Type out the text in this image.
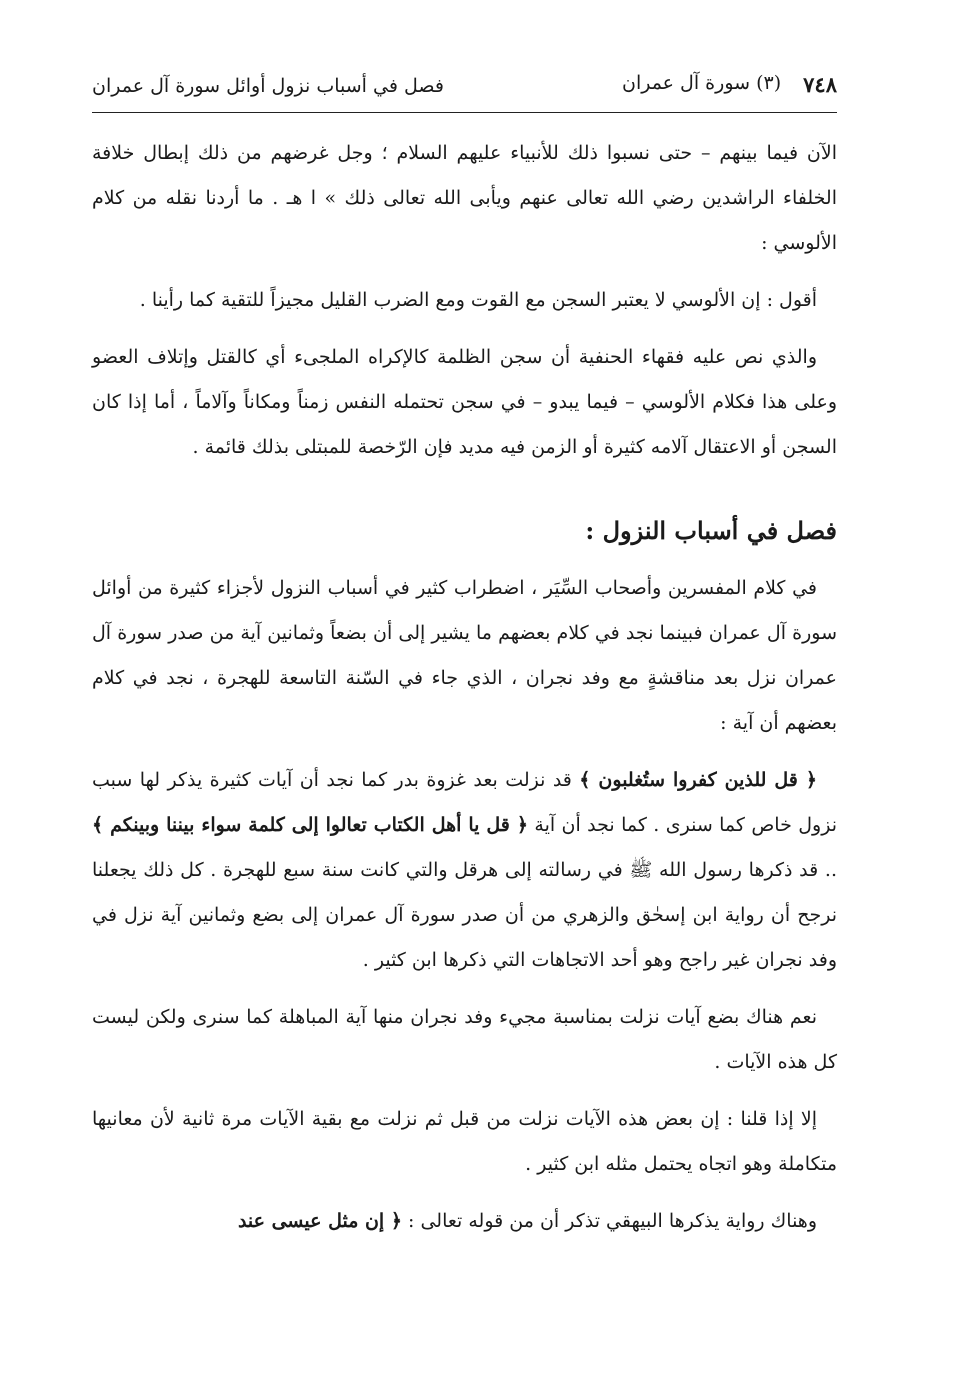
٧٤٨
(٣) سورة آل عمران
فصل في أسباب نزول أوائل سورة آل عمران

الآن فيما بينهم – حتى نسبوا ذلك للأنبياء عليهم السلام ؛ وجل غرضهم من ذلك إبطال خلافة الخلفاء الراشدين رضي الله تعالى عنهم ويأبى الله تعالى ذلك » ا هـ . ما أردنا نقله من كلام الألوسي :

أقول : إن الألوسي لا يعتبر السجن مع القوت ومع الضرب القليل مجيزاً للتقية كما رأينا .

والذي نص عليه فقهاء الحنفية أن سجن الظلمة كالإكراه الملجىء أي كالقتل وإتلاف العضو وعلى هذا فكلام الألوسي – فيما يبدو – في سجن تحتمله النفس زمناً ومكاناً وآلاماً ، أما إذا كان السجن أو الاعتقال آلامه كثيرة أو الزمن فيه مديد فإن الرّخصة للمبتلى بذلك قائمة .

فصل في أسباب النزول :

في كلام المفسرين وأصحاب السِّيَر ، اضطراب كثير في أسباب النزول لأجزاء كثيرة من أوائل سورة آل عمران فبينما نجد في كلام بعضهم ما يشير إلى أن بضعاً وثمانين آية من صدر سورة آل عمران نزل بعد مناقشةٍ مع وفد نجران ، الذي جاء في السّنة التاسعة للهجرة ، نجد في كلام بعضهم أن آية :

﴿ قل للذين كفروا ستُغلبون ﴾ قد نزلت بعد غزوة بدر كما نجد أن آيات كثيرة يذكر لها سبب نزول خاص كما سنرى . كما نجد أن آية ﴿ قل يا أهل الكتاب تعالوا إلى كلمة سواء بيننا وبينكم ﴾ .. قد ذكرها رسول الله ﷺ في رسالته إلى هرقل والتي كانت سنة سبع للهجرة . كل ذلك يجعلنا نرجح أن رواية ابن إسحٰق والزهري من أن صدر سورة آل عمران إلى بضع وثمانين آية نزل في وفد نجران غير راجح وهو أحد الاتجاهات التي ذكرها ابن كثير .

نعم هناك بضع آيات نزلت بمناسبة مجيء وفد نجران منها آية المباهلة كما سنرى ولكن ليست كل هذه الآيات .

إلا إذا قلنا : إن بعض هذه الآيات نزلت من قبل ثم نزلت مع بقية الآيات مرة ثانية لأن معانيها متكاملة وهو اتجاه يحتمل مثله ابن كثير .

وهناك رواية يذكرها البيهقي تذكر أن من قوله تعالى : ﴿ إن مثل عيسى عند
